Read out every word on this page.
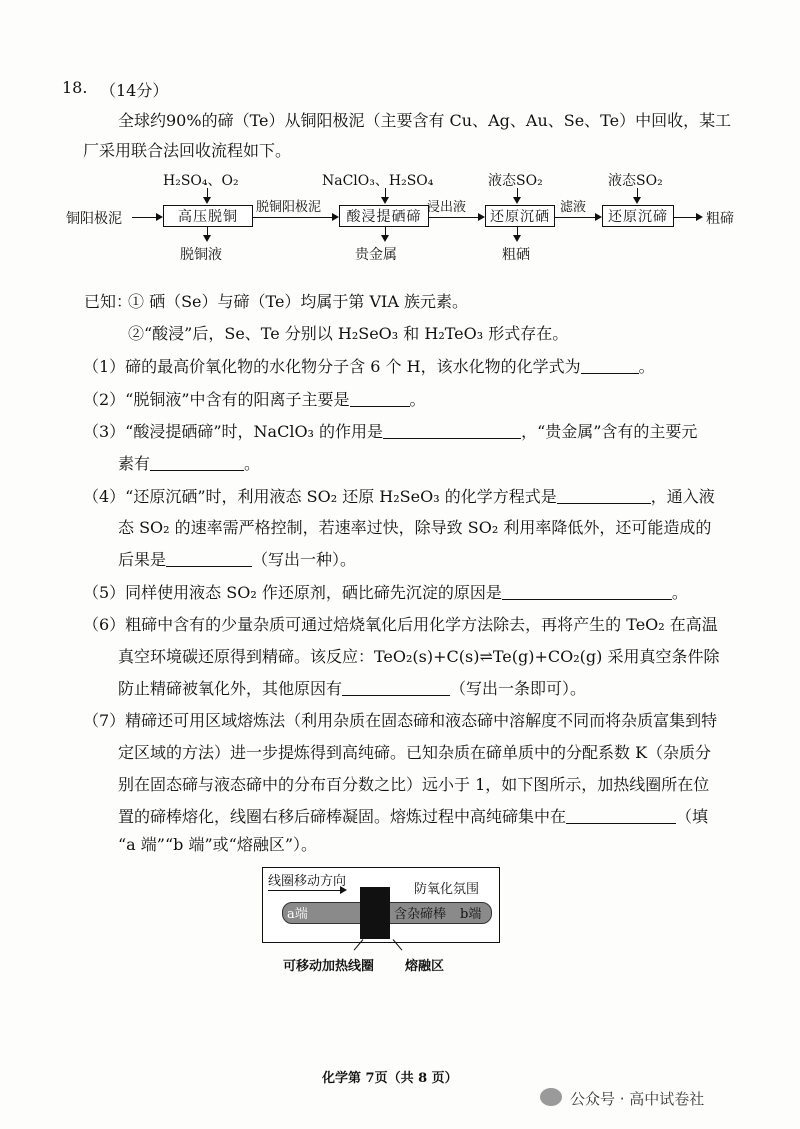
18. （14分）
全球约90%的碲（Te）从铜阳极泥（主要含有 Cu、Ag、Au、Se、Te）中回收，某工
厂采用联合法回收流程如下。
铜阳极泥
H₂SO₄、O₂
高压脱铜
脱铜液
脱铜阳极泥
NaClO₃、H₂SO₄
酸浸提硒碲
贵金属
浸出液
液态SO₂
还原沉硒
粗硒
滤液
液态SO₂
还原沉碲	粗碲
已知：
① 硒（Se）与碲（Te）均属于第 VIA 族元素。
②“酸浸”后，Se、Te 分别以 H₂SeO₃ 和 H₂TeO₃ 形式存在。
（1）碲的最高价氧化物的水化物分子含 6 个 H，该水化物的化学式为	。
（2）“脱铜液”中含有的阳离子主要是	。
（3）“酸浸提硒碲”时，NaClO₃ 的作用是	，“贵金属”含有的主要元
素有	。
（4）“还原沉硒”时，利用液态 SO₂ 还原 H₂SeO₃ 的化学方程式是	，通入液
态 SO₂ 的速率需严格控制，若速率过快，除导致 SO₂ 利用率降低外，还可能造成的
后果是	（写出一种）。
（5）同样使用液态 SO₂ 作还原剂，硒比碲先沉淀的原因是	。
（6）粗碲中含有的少量杂质可通过焙烧氧化后用化学方法除去，再将产生的 TeO₂ 在高温
真空环境碳还原得到精碲。该反应：TeO₂(s)+C(s)⇌Te(g)+CO₂(g) 采用真空条件除
防止精碲被氧化外，其他原因有	（写出一条即可）。
（7）精碲还可用区域熔炼法（利用杂质在固态碲和液态碲中溶解度不同而将杂质富集到特
定区域的方法）进一步提炼得到高纯碲。已知杂质在碲单质中的分配系数 K（杂质分
别在固态碲与液态碲中的分布百分数之比）远小于 1，如下图所示，加热线圈所在位
置的碲棒熔化，线圈右移后碲棒凝固。熔炼过程中高纯碲集中在	（填
“a 端”“b 端”或“熔融区”）。
线圈移动方向
防氧化氛围
a端	含杂碲棒 b端
可移动加热线圈 熔融区
化学第 7页（共 8 页）
公众号 · 高中试卷社
